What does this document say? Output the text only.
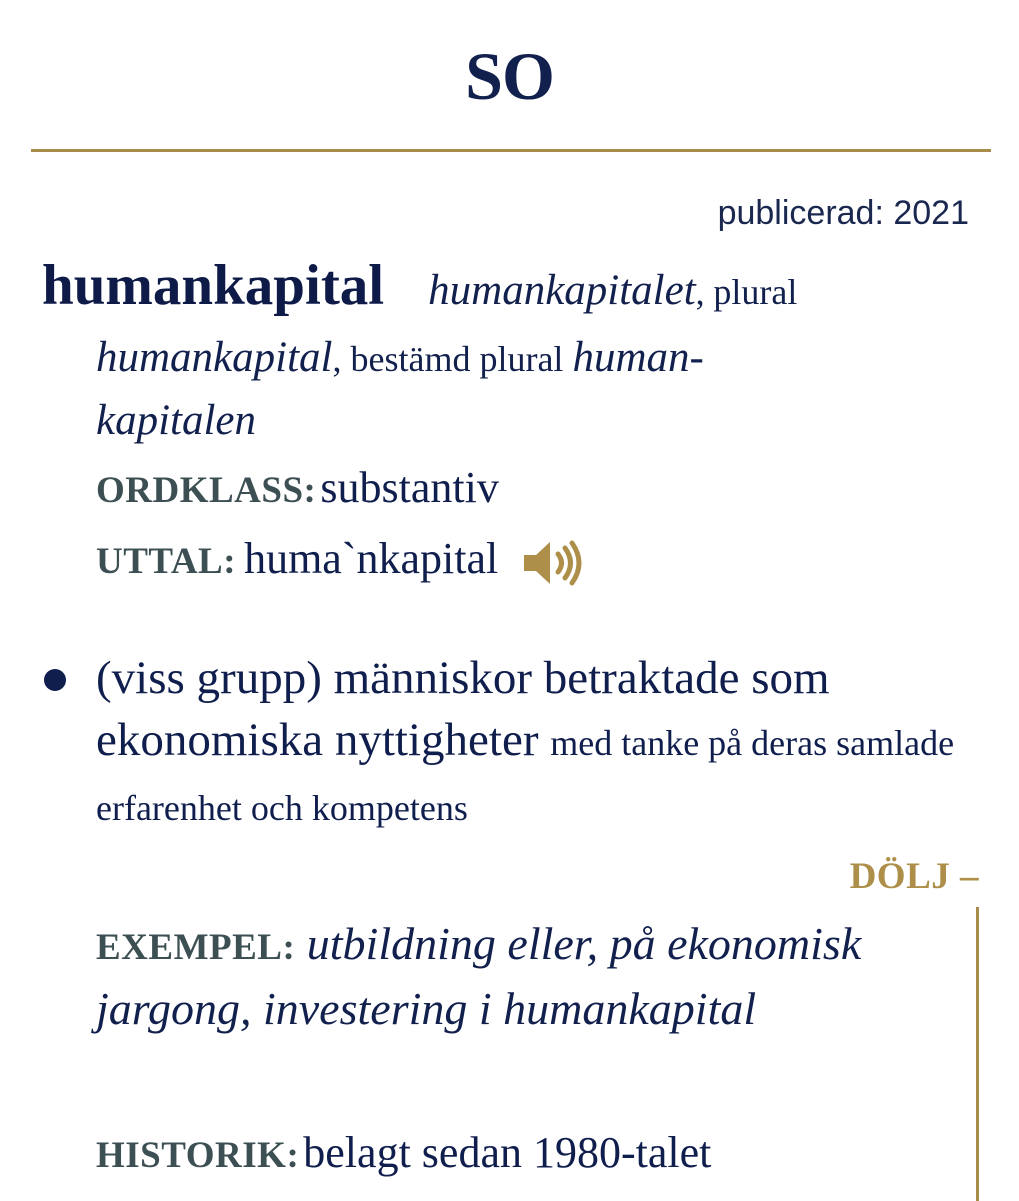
SO
publicerad: 2021
humankapital humankapitalet, plural
humankapital, bestämd plural human-
kapitalen
ORDKLASS: substantiv
UTTAL: huma`nkapital
(viss grupp) människor betraktade som ekonomiska nyttigheter med tanke på deras samlade erfarenhet och kompetens
DÖLJ –
EXEMPEL: utbildning eller, på ekonomisk jargong, investering i humankapital
HISTORIK: belagt sedan 1980-talet
